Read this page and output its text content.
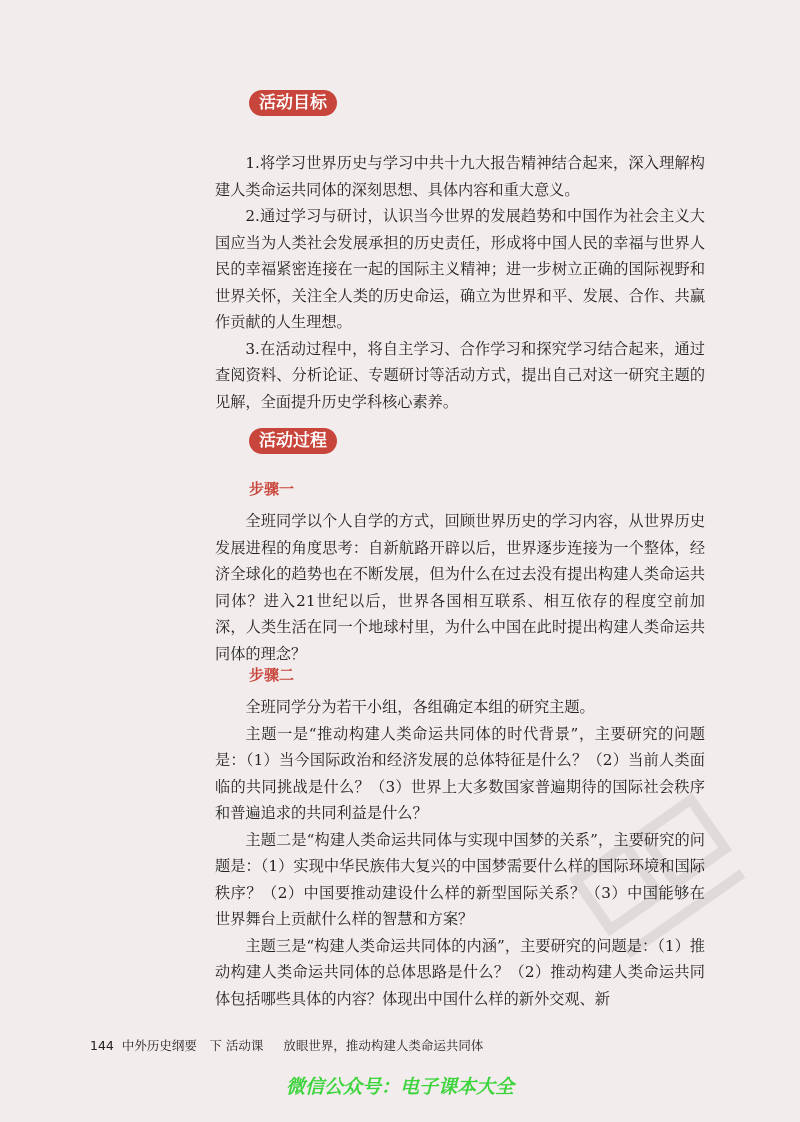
活动目标

1.将学习世界历史与学习中共十九大报告精神结合起来，深入理解构建人类命运共同体的深刻思想、具体内容和重大意义。

2.通过学习与研讨，认识当今世界的发展趋势和中国作为社会主义大国应当为人类社会发展承担的历史责任，形成将中国人民的幸福与世界人民的幸福紧密连接在一起的国际主义精神；进一步树立正确的国际视野和世界关怀，关注全人类的历史命运，确立为世界和平、发展、合作、共赢作贡献的人生理想。

3.在活动过程中，将自主学习、合作学习和探究学习结合起来，通过查阅资料、分析论证、专题研讨等活动方式，提出自己对这一研究主题的见解，全面提升历史学科核心素养。

活动过程
步骤一

全班同学以个人自学的方式，回顾世界历史的学习内容，从世界历史发展进程的角度思考：自新航路开辟以后，世界逐步连接为一个整体，经济全球化的趋势也在不断发展，但为什么在过去没有提出构建人类命运共同体？进入21世纪以后，世界各国相互联系、相互依存的程度空前加深，人类生活在同一个地球村里，为什么中国在此时提出构建人类命运共同体的理念？

步骤二

全班同学分为若干小组，各组确定本组的研究主题。

主题一是“推动构建人类命运共同体的时代背景”，主要研究的问题是：（1）当今国际政治和经济发展的总体特征是什么？（2）当前人类面临的共同挑战是什么？（3）世界上大多数国家普遍期待的国际社会秩序和普遍追求的共同利益是什么？

主题二是“构建人类命运共同体与实现中国梦的关系”，主要研究的问题是：（1）实现中华民族伟大复兴的中国梦需要什么样的国际环境和国际秩序？（2）中国要推动建设什么样的新型国际关系？（3）中国能够在世界舞台上贡献什么样的智慧和方案？

主题三是“构建人类命运共同体的内涵”，主要研究的问题是：（1）推动构建人类命运共同体的总体思路是什么？（2）推动构建人类命运共同体包括哪些具体的内容？体现出中国什么样的新外交观、新

144 中外历史纲要　下 活动课 放眼世界，推动构建人类命运共同体
微信公众号：电子课本大全
